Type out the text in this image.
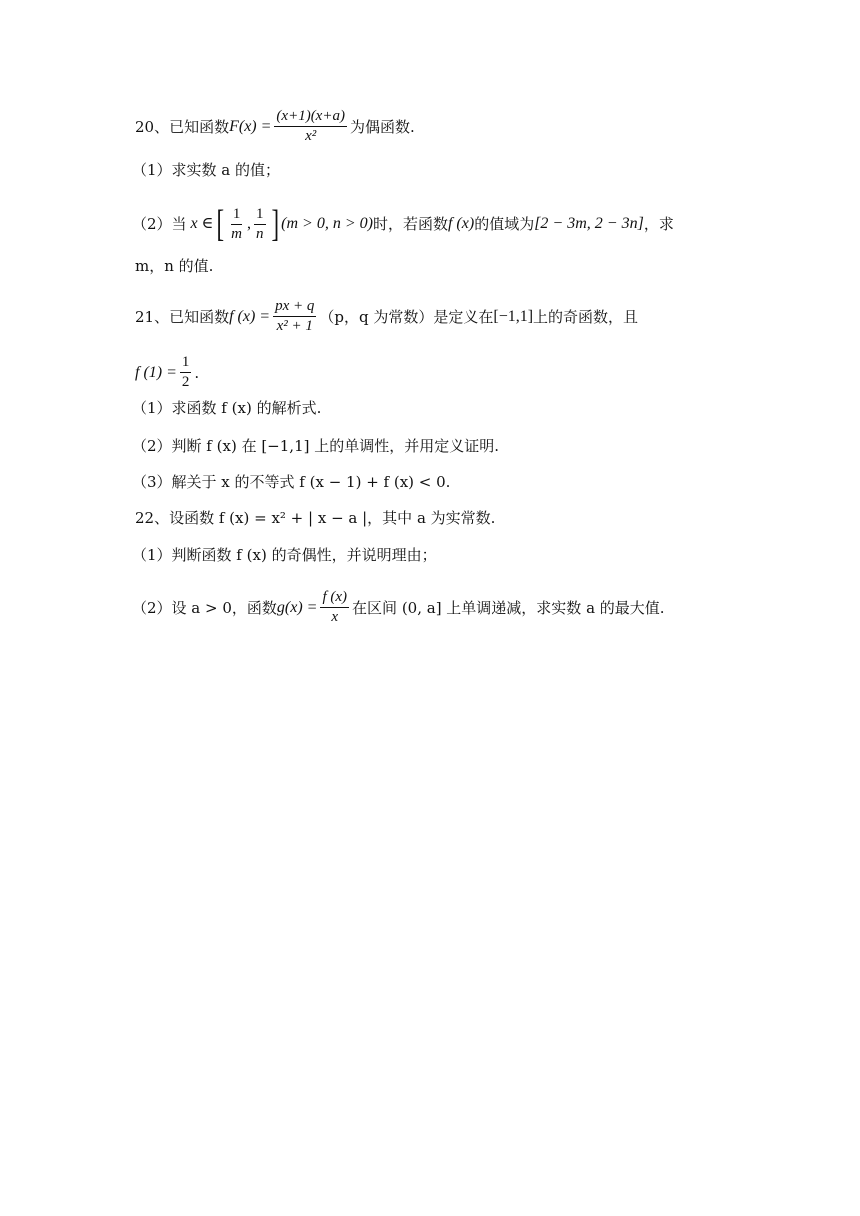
20、已知函数 $F(x) = \frac{(x+1)(x+a)}{\text{x²}}$ 为偶函数.
（1）求实数 a 的值；
（2）当 x ∈ [ $\frac{1}{m}$ , $\frac{1}{n}$ ] (m > 0, n > 0) 时，若函数 f (x) 的值域为 [2 − 3m, 2 − 3n] ，求
m，n 的值.
21、已知函数 f $(x) = \frac{px + q}{\text{x² + 1}} (p$，q 为常数）是定义在 [−1,1] 上的奇函数，且
f $(1) = \frac{1}{2}$ .
（1）求函数 f (x) 的解析式.
（2）判断 f (x) 在 [−1,1] 上的单调性，并用定义证明.
（3）解关于 x 的不等式 f (x − 1) + f (x) < 0.
22、设函数 f (x) = x² + | x − a |，其中 a 为实常数.
（1）判断函数 f (x) 的奇偶性，并说明理由；
（2）设 a > 0，函数 $g(x) = \frac{f (x)}{x}$ 在区间 (0, a] 上单调递减，求实数 a 的最大值.
